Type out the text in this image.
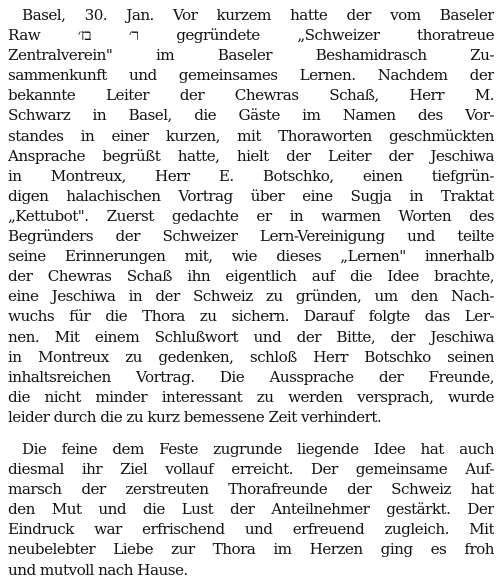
Basel, 30. Jan. Vor kurzem hatte der vom Baseler
Raw ר׳ בז׳ gegründete „Schweizer thoratreue
Zentralverein" im Baseler Beshamidrasch Zu-
sammenkunft und gemeinsames Lernen. Nachdem der
bekannte Leiter der Chewras Schaß, Herr M.
Schwarz in Basel, die Gäste im Namen des Vor-
standes in einer kurzen, mit Thoraworten geschmückten
Ansprache begrüßt hatte, hielt der Leiter der Jeschiwa
in Montreux, Herr E. Botschko, einen tiefgrün-
digen halachischen Vortrag über eine Sugja in Traktat
„Kettubot". Zuerst gedachte er in warmen Worten des
Begründers der Schweizer Lern-Vereinigung und teilte
seine Erinnerungen mit, wie dieses „Lernen" innerhalb
der Chewras Schaß ihn eigentlich auf die Idee brachte,
eine Jeschiwa in der Schweiz zu gründen, um den Nach-
wuchs für die Thora zu sichern. Darauf folgte das Ler-
nen. Mit einem Schlußwort und der Bitte, der Jeschiwa
in Montreux zu gedenken, schloß Herr Botschko seinen
inhaltsreichen Vortrag. Die Aussprache der Freunde,
die nicht minder interessant zu werden versprach, wurde
leider durch die zu kurz bemessene Zeit verhindert.
Die feine dem Feste zugrunde liegende Idee hat auch
diesmal ihr Ziel vollauf erreicht. Der gemeinsame Auf-
marsch der zerstreuten Thorafreunde der Schweiz hat
den Mut und die Lust der Anteilnehmer gestärkt. Der
Eindruck war erfrischend und erfreuend zugleich. Mit
neubelebter Liebe zur Thora im Herzen ging es froh
und mutvoll nach Hause.
